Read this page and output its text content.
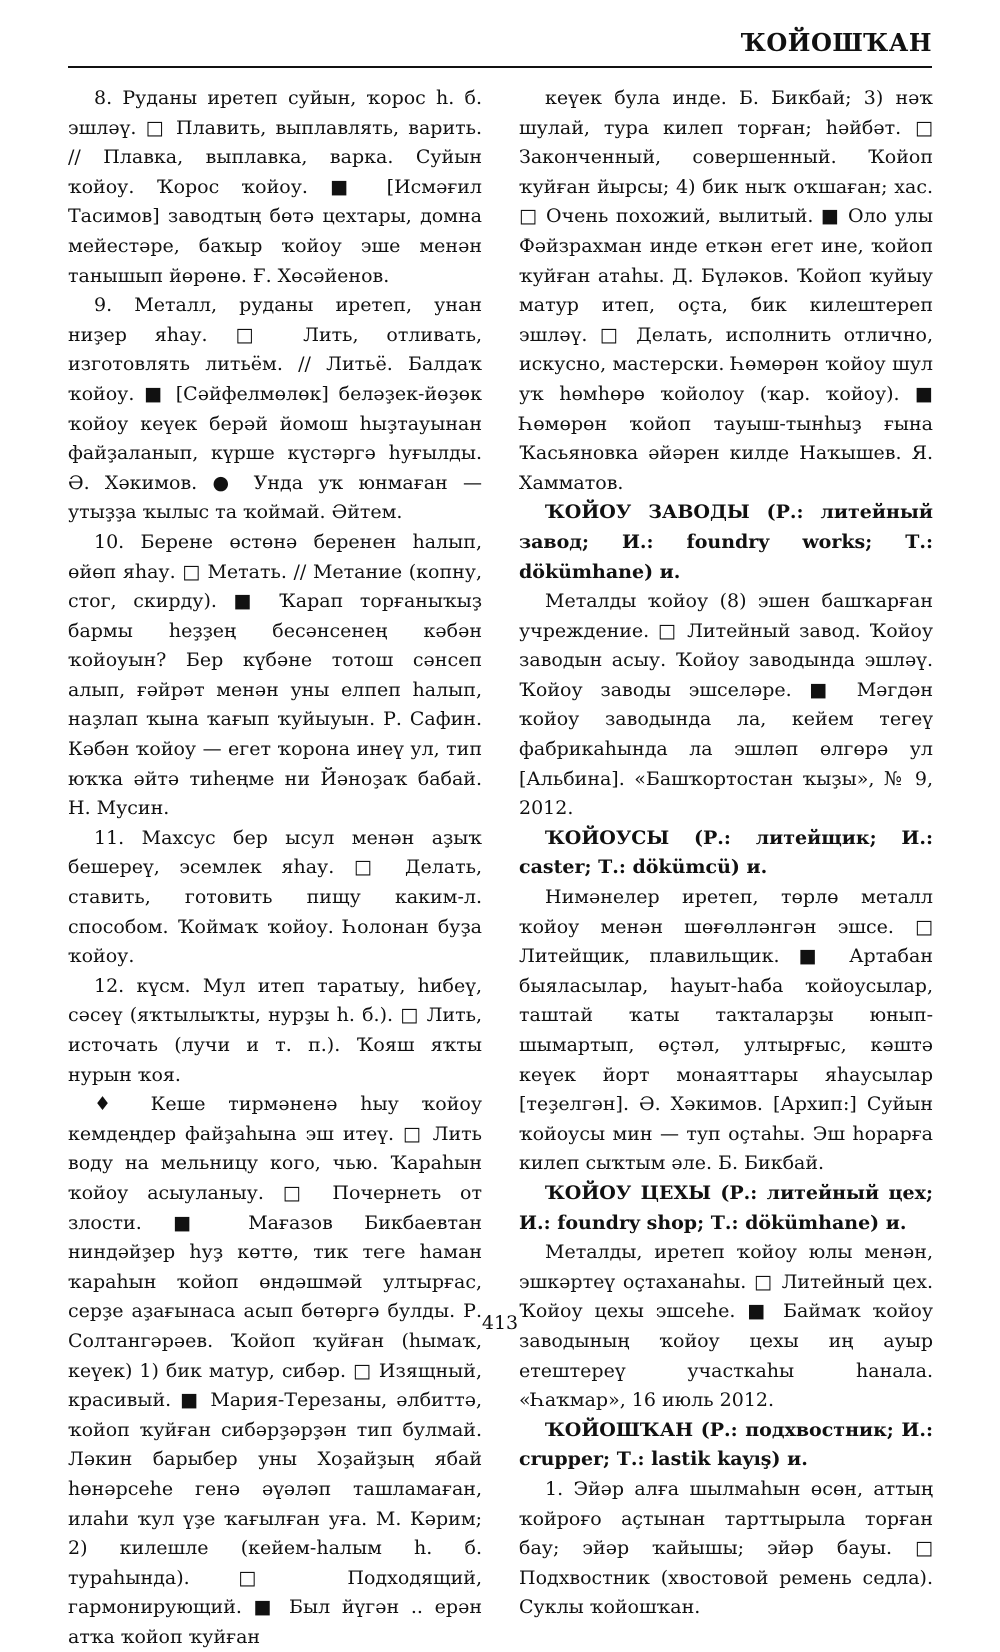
ҠОЙОШҠАН

8. Руданы иретеп суйын, ҡорос һ. б. эшләү. □ Плавить, выплавлять, варить. // Плавка, выплавка, варка. Суйын ҡойоу. Ҡорос ҡойоу. ■ [Исмәғил Тасимов] заводтың бөтә цехтары, домна мейестәре, баҡыр ҡойоу эше менән танышып йөрөнө. Ғ. Хөсәйенов.

9. Металл, руданы иретеп, унан ниҙер яһау. □ Лить, отливать, изготовлять литьём. // Литьё. Балдаҡ ҡойоу. ■ [Сәйфелмөлөк] беләҙек-йөҙөк ҡойоу кеүек берәй йомош һыҙтауынан файҙаланып, күрше күстәргә һуғылды. Ә. Хәкимов. ● Унда уҡ юнмаған — утыҙҙа ҡылыс та ҡоймай. Әйтем.

10. Берене өстөнә беренен һалып, өйөп яһау. □ Метать. // Метание (копну, стог, скирду). ■ Ҡарап торғаныҡыҙ бармы һеҙҙең бесәнсенең кәбән ҡойоуын? Бер күбәне тотош сәнсеп алып, ғәйрәт менән уны елпеп һалып, наҙлап ҡына ҡағып ҡуйыуын. Р. Сафин. Кәбән ҡойоу — егет ҡорона инеү ул, тип юҡҡа әйтә тиһеңме ни Йәноҙаҡ бабай. Н. Мусин.

11. Махсус бер ысул менән аҙыҡ бешереү, эсемлек яһау. □ Делать, ставить, готовить пищу каким-л. способом. Ҡоймаҡ ҡойоу. Һолонан буҙа ҡойоу.

12. күсм. Мул итеп таратыу, һибеү, сәсеү (яҡтылыҡты, нурҙы һ. б.). □ Лить, источать (лучи и т. п.). Ҡояш яҡты нурын ҡоя.

♦ Кеше тирмәненә һыу ҡойоу кемдеңдер файҙаһына эш итеү. □ Лить воду на мельницу кого, чью. Ҡараһын ҡойоу асыуланыу. □ Почернеть от злости. ■ Мағазов Бикбаевтан ниндәйҙер һуҙ көттө, тик теге һаман ҡараһын ҡойоп өндәшмәй ултырғас, серҙе аҙағынаса асып бөтөргә булды. Р. Солтангәрәев. Ҡойоп ҡуйған (һымаҡ, кеүек) 1) бик матур, сибәр. □ Изящный, красивый. ■ Мария-Терезаны, әлбиттә, ҡойоп ҡуйған сибәрҙәрҙән тип булмай. Ләкин барыбер уны Хоҙайҙың ябай һөнәрсеһе генә әүәләп ташламаған, илаһи ҡул үҙе ҡағылған уға. М. Кәрим; 2) килешле (кейем-һалым һ. б. тураһында). □ Подходящий, гармонирующий. ■ Был йүгән .. ерән атҡа ҡойоп ҡуйған

кеүек була инде. Б. Бикбай; 3) нәҡ шулай, тура килеп торған; һәйбәт. □ Законченный, совершенный. Ҡойоп ҡуйған йырсы; 4) бик ныҡ оҡшаған; хас. □ Очень похожий, вылитый. ■ Оло улы Фәйзрахман инде еткән егет ине, ҡойоп ҡуйған атаһы. Д. Бүләков. Ҡойоп ҡуйыу матур итеп, оҫта, бик килештереп эшләү. □ Делать, исполнить отлично, искусно, мастерски. Һөмөрөн ҡойоу шул уҡ һөмһөрө ҡойолоу (ҡар. ҡойоу). ■ Һөмөрөн ҡойоп тауыш-тынһыҙ ғына Ҡасьяновка әйәрен килде Наҡышев. Я. Хамматов.

ҠОЙОУ ЗАВОДЫ (Р.: литейный завод; И.: foundry works; Т.: dökümhane) и.

Металды ҡойоу (8) эшен башҡарған учреждение. □ Литейный завод. Ҡойоу заводын асыу. Ҡойоу заводында эшләү. Ҡойоу заводы эшселәре. ■ Мәгдән ҡойоу заводында ла, кейем тегеү фабрикаһында ла эшләп өлгөрә ул [Альбина]. «Башҡортостан ҡыҙы», № 9, 2012.

ҠОЙОУСЫ (Р.: литейщик; И.: caster; Т.: dökümcü) и.

Нимәнелер иретеп, төрлө металл ҡойоу менән шөғөлләнгән эшсе. □ Литейщик, плавильщик. ■ Артабан быяласылар, һауыт-һаба ҡойоусылар, таштай ҡаты таҡталарҙы юнып-шымартып, өҫтәл, ултырғыс, кәштә кеүек йорт монаяттары яһаусылар [теҙелгән]. Ә. Хәкимов. [Архип:] Суйын ҡойоусы мин — туп оҫтаһы. Эш һорарға килеп сыҡтым әле. Б. Бикбай.

ҠОЙОУ ЦЕХЫ (Р.: литейный цех; И.: foundry shop; Т.: dökümhane) и.

Металды, иретеп ҡойоу юлы менән, эшкәртеү оҫтаханаһы. □ Литейный цех. Ҡойоу цехы эшсеһе. ■ Баймаҡ ҡойоу заводының ҡойоу цехы иң ауыр етештереү участкаһы һанала. «Һаҡмар», 16 июль 2012.

ҠОЙОШҠАН (Р.: подхвостник; И.: crupper; Т.: lastik kayış) и.

1. Эйәр алға шылмаһын өсөн, аттың ҡойроғо аҫтынан тарттырыла торған бау; эйәр ҡайышы; эйәр бауы. □ Подхвостник (хвостовой ремень седла). Суклы ҡойошҡан.

413
